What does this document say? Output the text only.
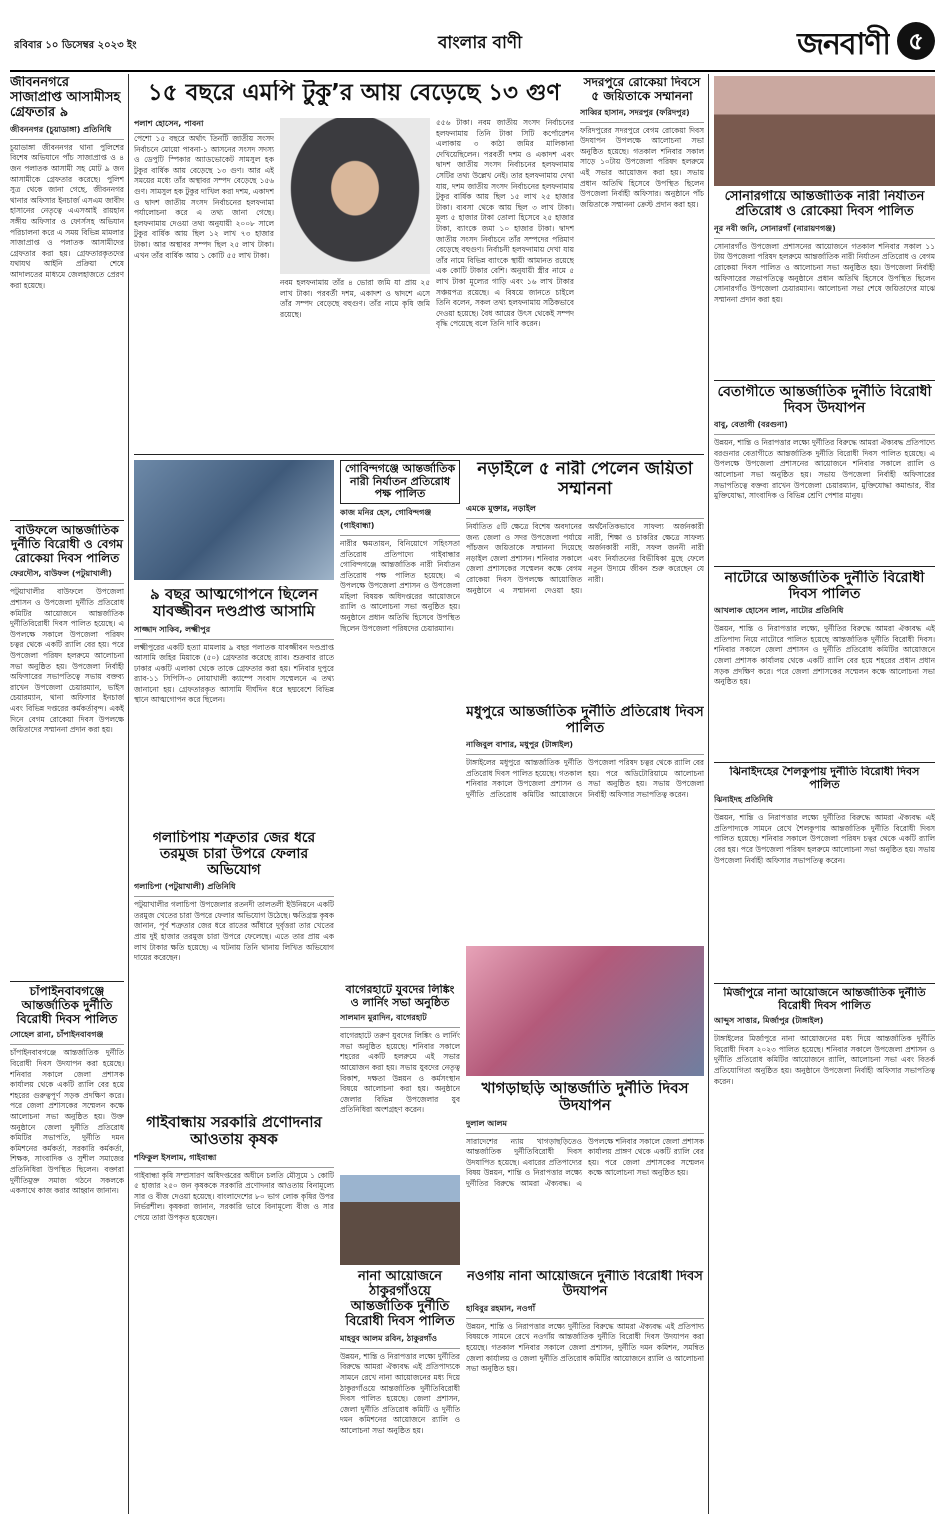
রবিবার ১০ ডিসেম্বর ২০২৩ ইং	বাংলার বাণী	জনবাণী ৫
জীবননগরে সাজাপ্রাপ্ত আসামীসহ গ্রেফতার ৯
জীবননগর (চুয়াডাঙ্গা) প্রতিনিধি
চুয়াডাঙ্গা জীবননগর থানা পুলিশের বিশেষ অভিযানে পাঁচ সাজাপ্রাপ্ত ও ৪ জন পলাতক আসামী সহ মোট ৯ জন আসামীকে গ্রেফতার করেছে। পুলিশ সুত্র থেকে জানা গেছে, জীবননগর থানার অফিসার ইনচার্জ এসএম জাবীদ হাসানের নেতৃত্বে এএসআই রায়হান সঙ্গীয় অফিসার ও ফোর্সসহ অভিযান পরিচালনা করে এ সময় বিভিন্ন মামলার সাজাপ্রাপ্ত ও পলাতক আসামীদের গ্রেফতার করা হয়। গ্রেফতারকৃতদের যথাযথ আইনি প্রক্রিয়া শেষে আদালতের মাধ্যমে জেলহাজতে প্রেরণ করা হয়েছে।
বাউফলে আন্তর্জাতিক দুর্নীতি বিরোধী ও বেগম রোকেয়া দিবস পালিত
ফেরদৌস, বাউফল (পটুয়াখালী)
পটুয়াখালীর বাউফলে উপজেলা প্রশাসন ও উপজেলা দুর্নীতি প্রতিরোধ কমিটির আয়োজনে আন্তর্জাতিক দুর্নীতিবিরোধী দিবস পালিত হয়েছে। এ উপলক্ষে সকালে উপজেলা পরিষদ চত্বর থেকে একটি র‍্যালি বের হয়। পরে উপজেলা পরিষদ হলরুমে আলোচনা সভা অনুষ্ঠিত হয়। উপজেলা নির্বাহী অফিসারের সভাপতিত্বে সভায় বক্তব্য রাখেন উপজেলা চেয়ারম্যান, ভাইস চেয়ারম্যান, থানা অফিসার ইনচার্জ এবং বিভিন্ন দপ্তরের কর্মকর্তাবৃন্দ। একই দিনে বেগম রোকেয়া দিবস উপলক্ষে জয়িতাদের সম্মাননা প্রদান করা হয়।
চাঁপাইনবাবগঞ্জে আন্তর্জাতিক দুর্নীতি বিরোধী দিবস পালিত
সোহেল রানা, চাঁপাইনবাবগঞ্জ
চাঁপাইনবাবগঞ্জে আন্তর্জাতিক দুর্নীতি বিরোধী দিবস উদযাপন করা হয়েছে। শনিবার সকালে জেলা প্রশাসক কার্যালয় থেকে একটি র‍্যালি বের হয়ে শহরের গুরুত্বপূর্ণ সড়ক প্রদক্ষিণ করে। পরে জেলা প্রশাসকের সম্মেলন কক্ষে আলোচনা সভা অনুষ্ঠিত হয়। উক্ত অনুষ্ঠানে জেলা দুর্নীতি প্রতিরোধ কমিটির সভাপতি, দুর্নীতি দমন কমিশনের কর্মকর্তা, সরকারি কর্মকর্তা, শিক্ষক, সাংবাদিক ও সুশীল সমাজের প্রতিনিধিরা উপস্থিত ছিলেন। বক্তারা দুর্নীতিমুক্ত সমাজ গঠনে সকলকে একসাথে কাজ করার আহ্বান জানান।
১৫ বছরে এমপি টুকু’র আয় বেড়েছে ১৩ গুণ
পলাশ হোসেন, পাবনা
পেশো ১৫ বছরে অর্থাৎ তিনটি জাতীয় সংসদ নির্বাচনে মোয়ো পাবনা-১ আসনের সংসদ সদস্য ও ডেপুটি স্পিকার অ্যাডভোকেট সামসুল হক টুকুর বার্ষিক আয় বেড়েছে ১৩ গুণ। আর এই সময়ের মধ্যে তাঁর অস্থাবর সম্পদ বেড়েছে ১৫৬ গুণ। সামসুল হক টুকুর দাখিল করা দশম, একাদশ ও দ্বাদশ জাতীয় সংসদ নির্বাচনের হলফনামা পর্যালোচনা করে এ তথ্য জানা গেছে। হলফনামায় দেওয়া তথ্য অনুযায়ী ২০০৮ সালে টুকুর বার্ষিক আয় ছিল ১২ লাখ ৭৩ হাজার টাকা। আর অস্থাবর সম্পদ ছিল ২৫ লাখ টাকা। এখন তাঁর বার্ষিক আয় ১ কোটি ৫৫ লাখ টাকা।
৫৫৬ টাকা। নবম জাতীয় সংসদ নির্বাচনের হলফনামায় তিনি টাকা সিটি কর্পোরেশন এলাকায় ৩ কাঠা জমির মালিকানা দেখিয়েছিলেন। পরবর্তী দশম ও একাদশ এবং দ্বাদশ জাতীয় সংসদ নির্বাচনের হলফনামায় সেটির তথ্য উল্লেখ নেই। তার হলফনামায় দেখা যায়, দশম জাতীয় সংসদ নির্বাচনের হলফনামায় টুকুর বার্ষিক আয় ছিল ১৫ লাখ ২৫ হাজার টাকা। ব্যবসা থেকে আয় ছিল ৩ লাখ টাকা। মূল্য ৫ হাজার টাকা তোলা হিসেবে ২৫ হাজার টাকা, ব্যাংকে জমা ১০ হাজার টাকা। দ্বাদশ জাতীয় সংসদ নির্বাচনে তাঁর সম্পদের পরিমাণ বেড়েছে বহুগুণ। নির্বাচনী হলফনামায় দেখা যায় তাঁর নামে বিভিন্ন ব্যাংকে স্থায়ী আমানত রয়েছে এক কোটি টাকার বেশি। অনুযায়ী স্ত্রীর নামে ৫ লাখ টাকা মূল্যের গাড়ি এবং ১৬ লাখ টাকার সঞ্চয়পত্র রয়েছে। এ বিষয়ে জানতে চাইলে তিনি বলেন, সকল তথ্য হলফনামায় সঠিকভাবে দেওয়া হয়েছে। বৈধ আয়ের উৎস থেকেই সম্পদ বৃদ্ধি পেয়েছে বলে তিনি দাবি করেন।
নবম হলফনামায় তাঁর ৪ ভোরা জমি যা প্রায় ২৫ লাখ টাকা। পরবর্তী দশম, একাদশ ও দ্বাদশে এসে তাঁর সম্পদ বেড়েছে বহুগুণ। তাঁর নামে কৃষি জমি রয়েছে।
গোবিন্দগঞ্জে আন্তর্জাতিক নারী নির্যাতন প্রতিরোধ পক্ষ পালিত
কাজ মনির হেস, গোবিন্দগঞ্জ (গাইবান্ধা)
নারীর ক্ষমতায়ন, বিনিয়োগে সহিংসতা প্রতিরোধ প্রতিপাদ্যে গাইবান্ধার গোবিন্দগঞ্জে আন্তর্জাতিক নারী নির্যাতন প্রতিরোধ পক্ষ পালিত হয়েছে। এ উপলক্ষে উপজেলা প্রশাসন ও উপজেলা মহিলা বিষয়ক অধিদপ্তরের আয়োজনে র‍্যালি ও আলোচনা সভা অনুষ্ঠিত হয়। অনুষ্ঠানে প্রধান অতিথি হিসেবে উপস্থিত ছিলেন উপজেলা পরিষদের চেয়ারম্যান।
নড়াইলে ৫ নারী পেলেন জয়িতা সম্মাননা
এমকে মুক্তার, নড়াইল
নির্যাতিত ৫টি ক্ষেত্রে বিশেষ অবদানের জন্য জেলা ও সদর উপজেলা পর্যায়ে পাঁচজন জয়িতাকে সম্মাননা দিয়েছে নড়াইল জেলা প্রশাসন। শনিবার সকালে জেলা প্রশাসকের সম্মেলন কক্ষে বেগম রোকেয়া দিবস উপলক্ষে আয়োজিত অনুষ্ঠানে এ সম্মাননা দেওয়া হয়। অর্থনৈতিকভাবে সাফল্য অর্জনকারী নারী, শিক্ষা ও চাকরির ক্ষেত্রে সাফল্য অর্জনকারী নারী, সফল জননী নারী এবং নির্যাতনের বিভীষিকা মুছে ফেলে নতুন উদ্যমে জীবন শুরু করেছেন যে নারী।
৯ বছর আত্মগোপনে ছিলেন যাবজ্জীবন দণ্ডপ্রাপ্ত আসামি
সাজ্জাদ সাকিব, লক্ষ্মীপুর
লক্ষ্মীপুরের একটি হত্যা মামলায় ৯ বছর পলাতক যাবজ্জীবন দণ্ডপ্রাপ্ত আসামি জহির মিয়াকে (৫০) গ্রেফতার করেছে র‍্যাব। শুক্রবার রাতে ঢাকার একটি এলাকা থেকে তাকে গ্রেফতার করা হয়। শনিবার দুপুরে র‍্যাব-১১ সিপিসি-৩ নোয়াখালী ক্যাম্পে সংবাদ সম্মেলনে এ তথ্য জানানো হয়। গ্রেফতারকৃত আসামি দীর্ঘদিন ধরে ছদ্মবেশে বিভিন্ন স্থানে আত্মগোপন করে ছিলেন।
মধুপুরে আন্তর্জাতিক দুর্নীতি প্রতিরোধ দিবস পালিত
নাজিবুল বাশার, মধুপুর (টাঙ্গাইল)
টাঙ্গাইলের মধুপুরে আন্তর্জাতিক দুর্নীতি প্রতিরোধ দিবস পালিত হয়েছে। গতকাল শনিবার সকালে উপজেলা প্রশাসন ও দুর্নীতি প্রতিরোধ কমিটির আয়োজনে উপজেলা পরিষদ চত্বর থেকে র‍্যালি বের হয়। পরে অডিটোরিয়ামে আলোচনা সভা অনুষ্ঠিত হয়। সভায় উপজেলা নির্বাহী অফিসার সভাপতিত্ব করেন।
গলাচিপায় শত্রুতার জের ধরে তরমুজ চারা উপরে ফেলার অভিযোগ
গলাচিপা (পটুয়াখালী) প্রতিনিধি
পটুয়াখালীর গলাচিপা উপজেলার রতনদী তালতলী ইউনিয়নে একটি তরমুজ খেতের চারা উপরে ফেলার অভিযোগ উঠেছে। ক্ষতিগ্রস্ত কৃষক জানান, পূর্ব শত্রুতার জের ধরে রাতের আঁধারে দুর্বৃত্তরা তার খেতের প্রায় দুই হাজার তরমুজ চারা উপরে ফেলেছে। এতে তার প্রায় এক লাখ টাকার ক্ষতি হয়েছে। এ ঘটনায় তিনি থানায় লিখিত অভিযোগ দায়ের করেছেন।
বাগেরহাটে যুবদের লিঙ্কিং ও লার্নিং সভা অনুষ্ঠিত
সালমান মুরাদিন, বাগেরহাট
বাগেরহাটে তরুণ যুবদের লিঙ্কিং ও লার্নিং সভা অনুষ্ঠিত হয়েছে। শনিবার সকালে শহরের একটি হলরুমে এই সভার আয়োজন করা হয়। সভায় যুবদের নেতৃত্ব বিকাশ, দক্ষতা উন্নয়ন ও কর্মসংস্থান বিষয়ে আলোচনা করা হয়। অনুষ্ঠানে জেলার বিভিন্ন উপজেলার যুব প্রতিনিধিরা অংশগ্রহণ করেন।
খাগড়াছড়ি আন্তর্জাতি দুর্নীতি দিবস উদযাপন
দুলাল আলম
সারাদেশের ন্যায় খাগড়াছড়িতেও আন্তর্জাতিক দুর্নীতিবিরোধী দিবস উদযাপিত হয়েছে। এবারের প্রতিপাদ্যের বিষয় উন্নয়ন, শান্তি ও নিরাপত্তার লক্ষ্যে দুর্নীতির বিরুদ্ধে আমরা ঐক্যবদ্ধ। এ উপলক্ষে শনিবার সকালে জেলা প্রশাসক কার্যালয় প্রাঙ্গণ থেকে একটি র‍্যালি বের হয়। পরে জেলা প্রশাসকের সম্মেলন কক্ষে আলোচনা সভা অনুষ্ঠিত হয়।
গাইবান্ধায় সরকারি প্রণোদনার আওতায় কৃষক
শফিকুল ইসলাম, গাইবান্ধা
গাইবান্ধা কৃষি সম্প্রসারণ অধিদপ্তরের অধীনে চলতি মৌসুমে ১ কোটি ৫ হাজার ২৫০ জন কৃষককে সরকারি প্রণোদনার আওতায় বিনামূল্যে সার ও বীজ দেওয়া হয়েছে। বাংলাদেশের ৮০ ভাগ লোক কৃষির উপর নির্ভরশীল। কৃষকরা জানান, সরকারি ভাবে বিনামূল্যে বীজ ও সার পেয়ে তারা উপকৃত হয়েছেন।
নানা আয়োজনে ঠাকুরগাঁওয়ে আন্তর্জাতিক দুর্নীতি বিরোধী দিবস পালিত
মাহবুব আলম রবিন, ঠাকুরগাঁও
উন্নয়ন, শান্তি ও নিরাপত্তার লক্ষ্যে দুর্নীতির বিরুদ্ধে আমরা ঐক্যবদ্ধ এই প্রতিপাদ্যকে সামনে রেখে নানা আয়োজনের মধ্য দিয়ে ঠাকুরগাঁওয়ে আন্তর্জাতিক দুর্নীতিবিরোধী দিবস পালিত হয়েছে। জেলা প্রশাসন, জেলা দুর্নীতি প্রতিরোধ কমিটি ও দুর্নীতি দমন কমিশনের আয়োজনে র‍্যালি ও আলোচনা সভা অনুষ্ঠিত হয়।
সোনারগাঁয়ে আন্তর্জাতিক নারী নির্যাতন প্রতিরোধ ও রোকেয়া দিবস পালিত
নূর নবী জনি, সোনারগাঁ (নারায়ণগঞ্জ)
সোনারগাঁও উপজেলা প্রশাসনের আয়োজনে গতকাল শনিবার সকাল ১১ টায় উপজেলা পরিষদ হলরুমে আন্তর্জাতিক নারী নির্যাতন প্রতিরোধ ও বেগম রোকেয়া দিবস পালিত ও আলোচনা সভা অনুষ্ঠিত হয়। উপজেলা নির্বাহী অফিসারের সভাপতিত্বে অনুষ্ঠানে প্রধান অতিথি হিসেবে উপস্থিত ছিলেন সোনারগাঁও উপজেলা চেয়ারম্যান। আলোচনা সভা শেষে জয়িতাদের মাঝে সম্মাননা প্রদান করা হয়।
বেতাগীতে আন্তর্জাতিক দুর্নীতি বিরোধী দিবস উদযাপন
বাবু, বেতাগী (বরগুনা)
উন্নয়ন, শান্তি ও নিরাপত্তার লক্ষ্যে দুর্নীতির বিরুদ্ধে আমরা ঐক্যবদ্ধ প্রতিপাদ্যে বরগুনার বেতাগীতে আন্তর্জাতিক দুর্নীতি বিরোধী দিবস পালিত হয়েছে। এ উপলক্ষে উপজেলা প্রশাসনের আয়োজনে শনিবার সকালে র‍্যালি ও আলোচনা সভা অনুষ্ঠিত হয়। সভায় উপজেলা নির্বাহী অফিসারের সভাপতিত্বে বক্তব্য রাখেন উপজেলা চেয়ারম্যান, মুক্তিযোদ্ধা কমান্ডার, বীর মুক্তিযোদ্ধা, সাংবাদিক ও বিভিন্ন শ্রেণি পেশার মানুষ।
নাটোরে আন্তর্জাতিক দুর্নীতি বিরোধী দিবস পালিত
আখলাক হোসেন লাল, নাটোর প্রতিনিধি
উন্নয়ন, শান্তি ও নিরাপত্তার লক্ষ্যে, দুর্নীতির বিরুদ্ধে আমরা ঐক্যবদ্ধ এই প্রতিপাদ্য নিয়ে নাটোরে পালিত হয়েছে আন্তর্জাতিক দুর্নীতি বিরোধী দিবস। শনিবার সকালে জেলা প্রশাসন ও দুর্নীতি প্রতিরোধ কমিটির আয়োজনে জেলা প্রশাসক কার্যালয় থেকে একটি র‍্যালি বের হয়ে শহরের প্রধান প্রধান সড়ক প্রদক্ষিণ করে। পরে জেলা প্রশাসকের সম্মেলন কক্ষে আলোচনা সভা অনুষ্ঠিত হয়।
ঝিনাইদহের শৈলকুপায় দুর্নীতি বিরোধী দিবস পালিত
ঝিনাইদহ প্রতিনিধি
উন্নয়ন, শান্তি ও নিরাপত্তার লক্ষ্যে দুর্নীতির বিরুদ্ধে আমরা ঐক্যবদ্ধ এই প্রতিপাদ্যকে সামনে রেখে শৈলকুপায় আন্তর্জাতিক দুর্নীতি বিরোধী দিবস পালিত হয়েছে। শনিবার সকালে উপজেলা পরিষদ চত্বর থেকে একটি র‍্যালি বের হয়। পরে উপজেলা পরিষদ হলরুমে আলোচনা সভা অনুষ্ঠিত হয়। সভায় উপজেলা নির্বাহী অফিসার সভাপতিত্ব করেন।
মির্জাপুরে নানা আয়োজনে আন্তর্জাতিক দুর্নীতি বিরোধী দিবস পালিত
আব্দুস সাত্তার, মির্জাপুর (টাঙ্গাইল)
টাঙ্গাইলের মির্জাপুরে নানা আয়োজনের মধ্য দিয়ে আন্তর্জাতিক দুর্নীতি বিরোধী দিবস ২০২৩ পালিত হয়েছে। শনিবার সকালে উপজেলা প্রশাসন ও দুর্নীতি প্রতিরোধ কমিটির আয়োজনে র‍্যালি, আলোচনা সভা এবং বিতর্ক প্রতিযোগিতা অনুষ্ঠিত হয়। অনুষ্ঠানে উপজেলা নির্বাহী অফিসার সভাপতিত্ব করেন।
সদরপুরে রোকেয়া দিবসে ৫ জয়িতাকে সম্মাননা
সাব্বির হাসান, সদরপুর (ফরিদপুর)
ফরিদপুরের সদরপুরে বেগম রোকেয়া দিবস উদযাপন উপলক্ষে আলোচনা সভা অনুষ্ঠিত হয়েছে। গতকাল শনিবার সকাল সাড়ে ১০টায় উপজেলা পরিষদ হলরুমে এই সভার আয়োজন করা হয়। সভায় প্রধান অতিথি হিসেবে উপস্থিত ছিলেন উপজেলা নির্বাহী অফিসার। অনুষ্ঠানে পাঁচ জয়িতাকে সম্মাননা ক্রেস্ট প্রদান করা হয়।
নওগাঁয় নানা আয়োজনে দুর্নীতি বিরোধী দিবস উদযাপন
হাবিবুর রহমান, নওগাঁ
উন্নয়ন, শান্তি ও নিরাপত্তার লক্ষ্যে দুর্নীতির বিরুদ্ধে আমরা ঐক্যবদ্ধ এই প্রতিপাদ্য বিষয়কে সামনে রেখে নওগাঁয় আন্তর্জাতিক দুর্নীতি বিরোধী দিবস উদযাপন করা হয়েছে। গতকাল শনিবার সকালে জেলা প্রশাসন, দুর্নীতি দমন কমিশন, সমন্বিত জেলা কার্যালয় ও জেলা দুর্নীতি প্রতিরোধ কমিটির আয়োজনে র‍্যালি ও আলোচনা সভা অনুষ্ঠিত হয়।
